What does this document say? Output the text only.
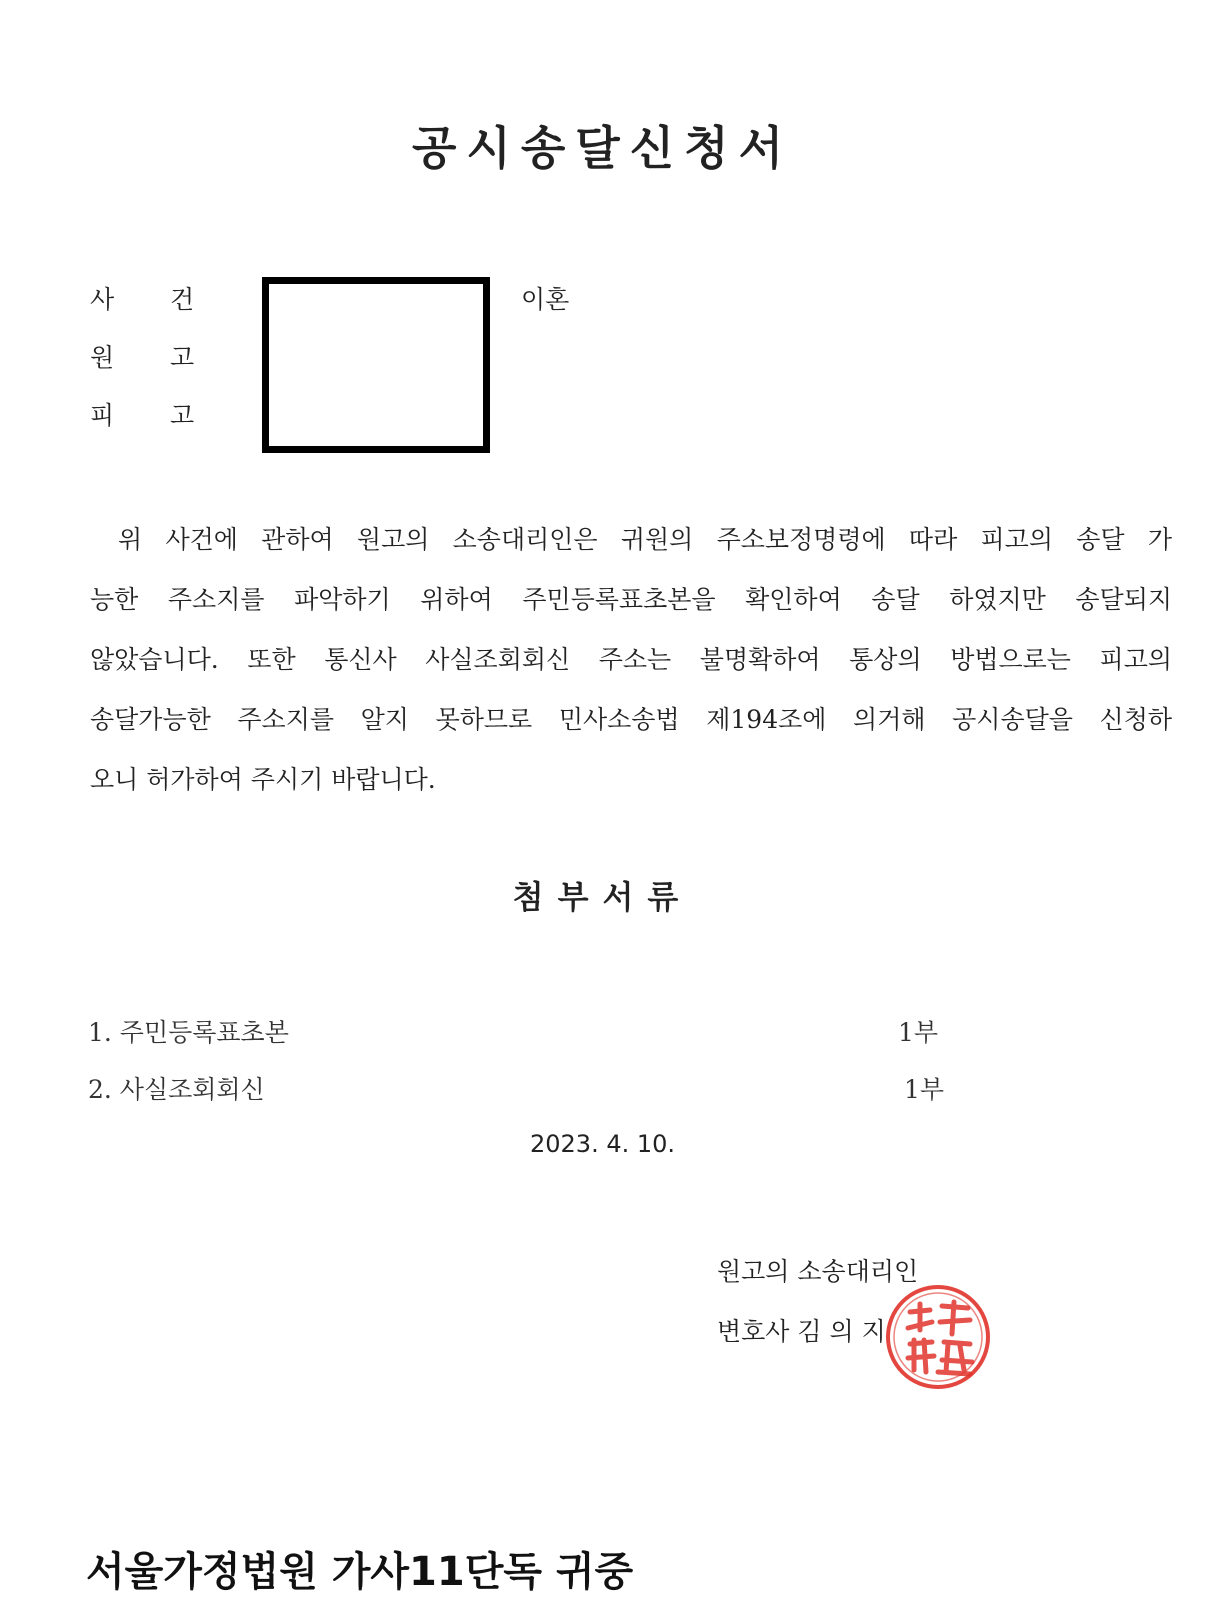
공시송달신청서
사 건
원 고
피 고
이혼
위 사건에 관하여 원고의 소송대리인은 귀원의 주소보정명령에 따라 피고의 송달 가
능한 주소지를 파악하기 위하여 주민등록표초본을 확인하여 송달 하였지만 송달되지
않았습니다. 또한 통신사 사실조회회신 주소는 불명확하여 통상의 방법으로는 피고의
송달가능한 주소지를 알지 못하므로 민사소송법 제194조에 의거해 공시송달을 신청하
오니 허가하여 주시기 바랍니다.
첨부서류
1. 주민등록표초본	1부
2. 사실조회회신	1부
2023. 4. 10.
원고의 소송대리인
변호사 김 의 지
서울가정법원 가사11단독 귀중
